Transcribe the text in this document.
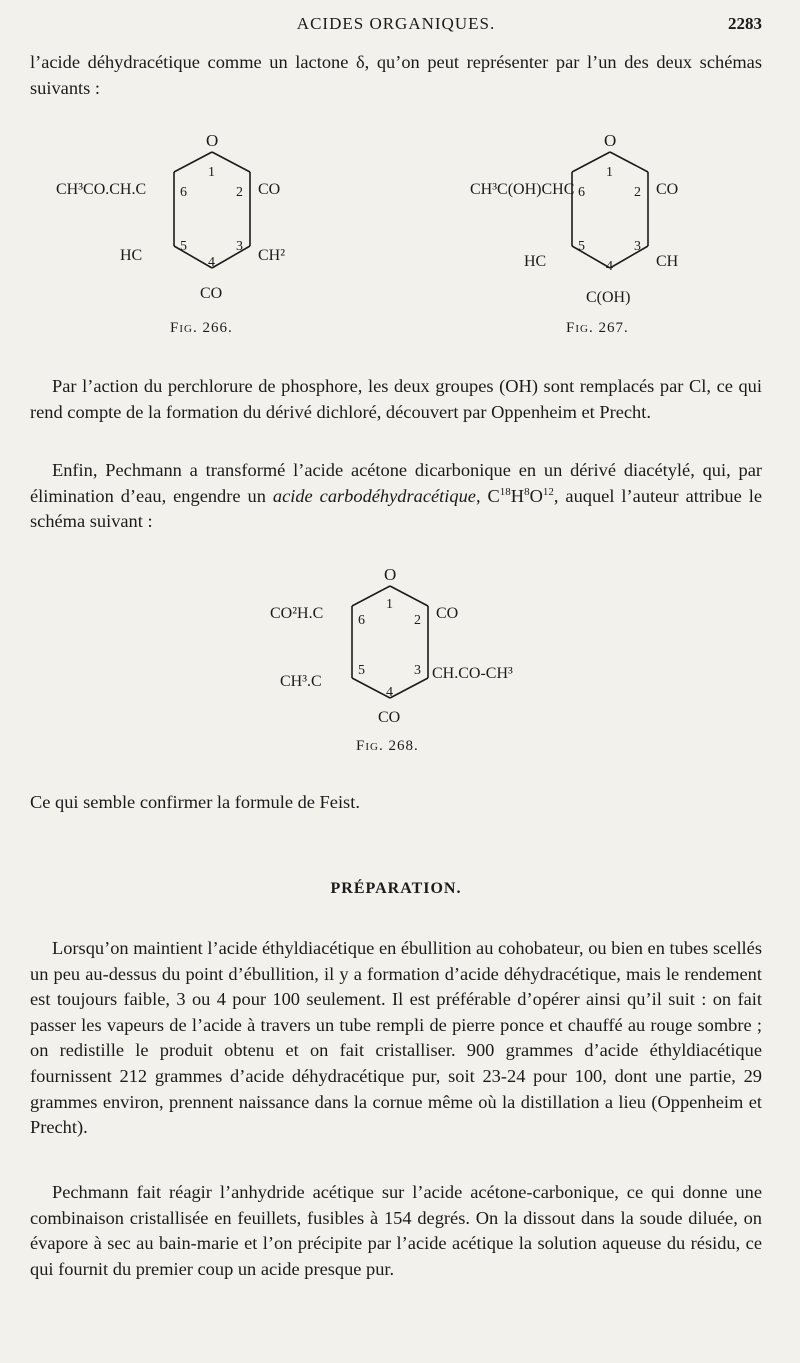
ACIDES ORGANIQUES.	2283

l’acide déhydracétique comme un lactone δ, qu’on peut représenter par l’un des deux schémas suivants :

O
CH³CO.CH.C	CO
HC	CH²
CO
1
2
3
4
5
6
Fig. 266.
O
CH³C(OH)CHC	CO
HC	CH
C(OH)
1
2
3
4
5
6
Fig. 267.

Par l’action du perchlorure de phosphore, les deux groupes (OH) sont remplacés par Cl, ce qui rend compte de la formation du dérivé dichloré, découvert par Oppenheim et Precht.

Enfin, Pechmann a transformé l’acide acétone dicarbonique en un dérivé diacétylé, qui, par élimination d’eau, engendre un acide carbodéhydracétique, $C^{18}H^8O^{12}$, auquel l’auteur attribue le schéma suivant :

O
CO²H.C	CO
CH³.C	CH.CO-CH³
CO
1
2
3
4
5
6
Fig. 268.

Ce qui semble confirmer la formule de Feist.

PRÉPARATION.

Lorsqu’on maintient l’acide éthyldiacétique en ébullition au cohobateur, ou bien en tubes scellés un peu au-dessus du point d’ébullition, il y a formation d’acide déhydracétique, mais le rendement est toujours faible, 3 ou 4 pour 100 seulement. Il est préférable d’opérer ainsi qu’il suit : on fait passer les vapeurs de l’acide à travers un tube rempli de pierre ponce et chauffé au rouge sombre ; on redistille le produit obtenu et on fait cristalliser. 900 grammes d’acide éthyldiacétique fournissent 212 grammes d’acide déhydracétique pur, soit 23-24 pour 100, dont une partie, 29 grammes environ, prennent naissance dans la cornue même où la distillation a lieu (Oppenheim et Precht).

Pechmann fait réagir l’anhydride acétique sur l’acide acétone-carbonique, ce qui donne une combinaison cristallisée en feuillets, fusibles à 154 degrés. On la dissout dans la soude diluée, on évapore à sec au bain-marie et l’on précipite par l’acide acétique la solution aqueuse du résidu, ce qui fournit du premier coup un acide presque pur.
